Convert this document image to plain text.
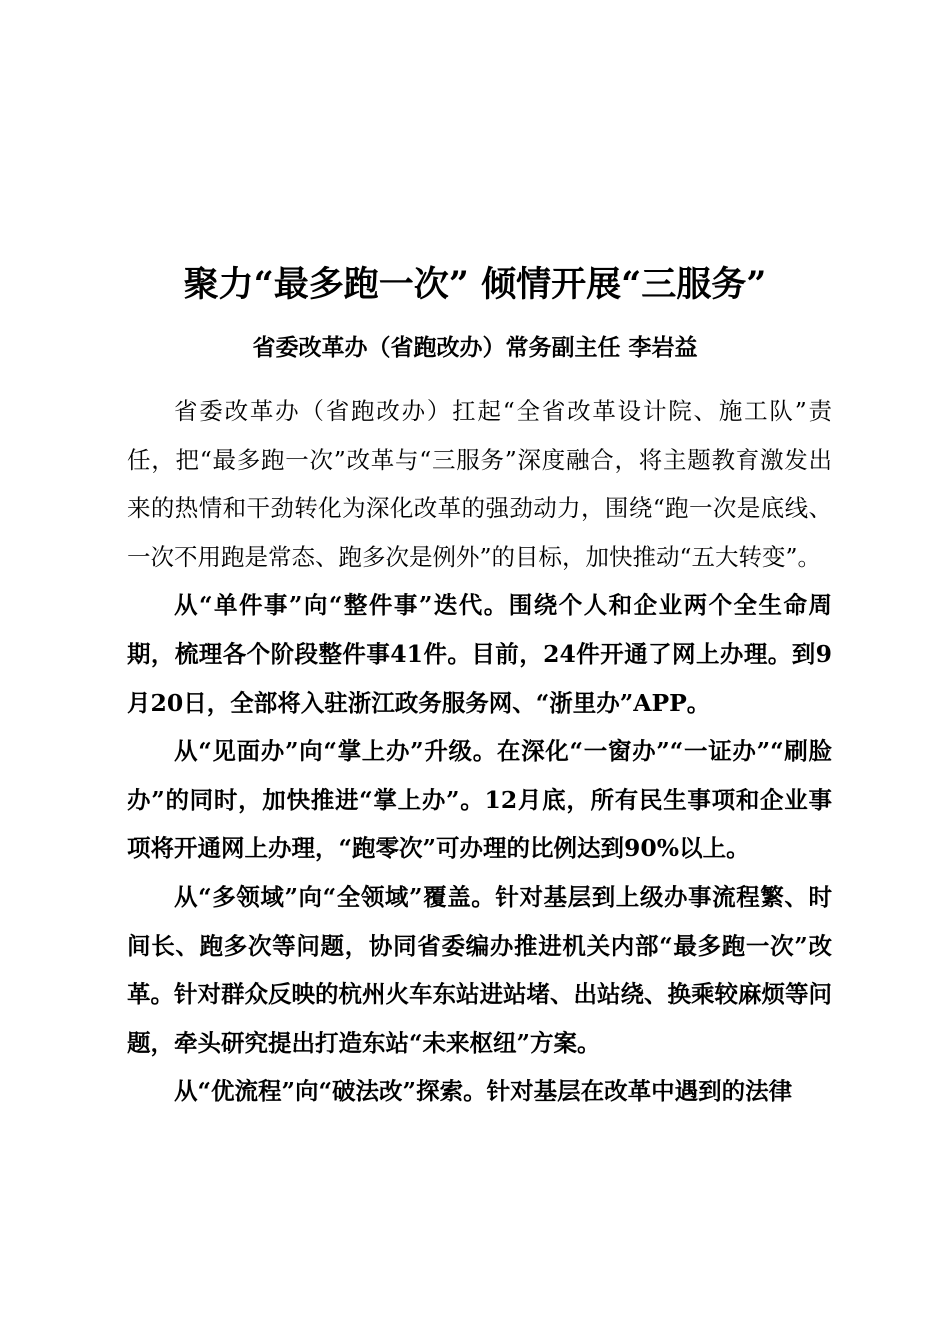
聚力“最多跑一次” 倾情开展“三服务”

省委改革办（省跑改办）常务副主任 李岩益

省委改革办（省跑改办）扛起“全省改革设计院、施工队”责任，把“最多跑一次”改革与“三服务”深度融合，将主题教育激发出来的热情和干劲转化为深化改革的强劲动力，围绕“跑一次是底线、一次不用跑是常态、跑多次是例外”的目标，加快推动“五大转变”。

从“单件事”向“整件事”迭代。围绕个人和企业两个全生命周期，梳理各个阶段整件事41件。目前，24件开通了网上办理。到9月20日，全部将入驻浙江政务服务网、“浙里办”APP。

从“见面办”向“掌上办”升级。在深化“一窗办”“一证办”“刷脸办”的同时，加快推进“掌上办”。12月底，所有民生事项和企业事项将开通网上办理，“跑零次”可办理的比例达到90%以上。

从“多领域”向“全领域”覆盖。针对基层到上级办事流程繁、时间长、跑多次等问题，协同省委编办推进机关内部“最多跑一次”改革。针对群众反映的杭州火车东站进站堵、出站绕、换乘较麻烦等问题，牵头研究提出打造东站“未来枢纽”方案。

从“优流程”向“破法改”探索。针对基层在改革中遇到的法律
